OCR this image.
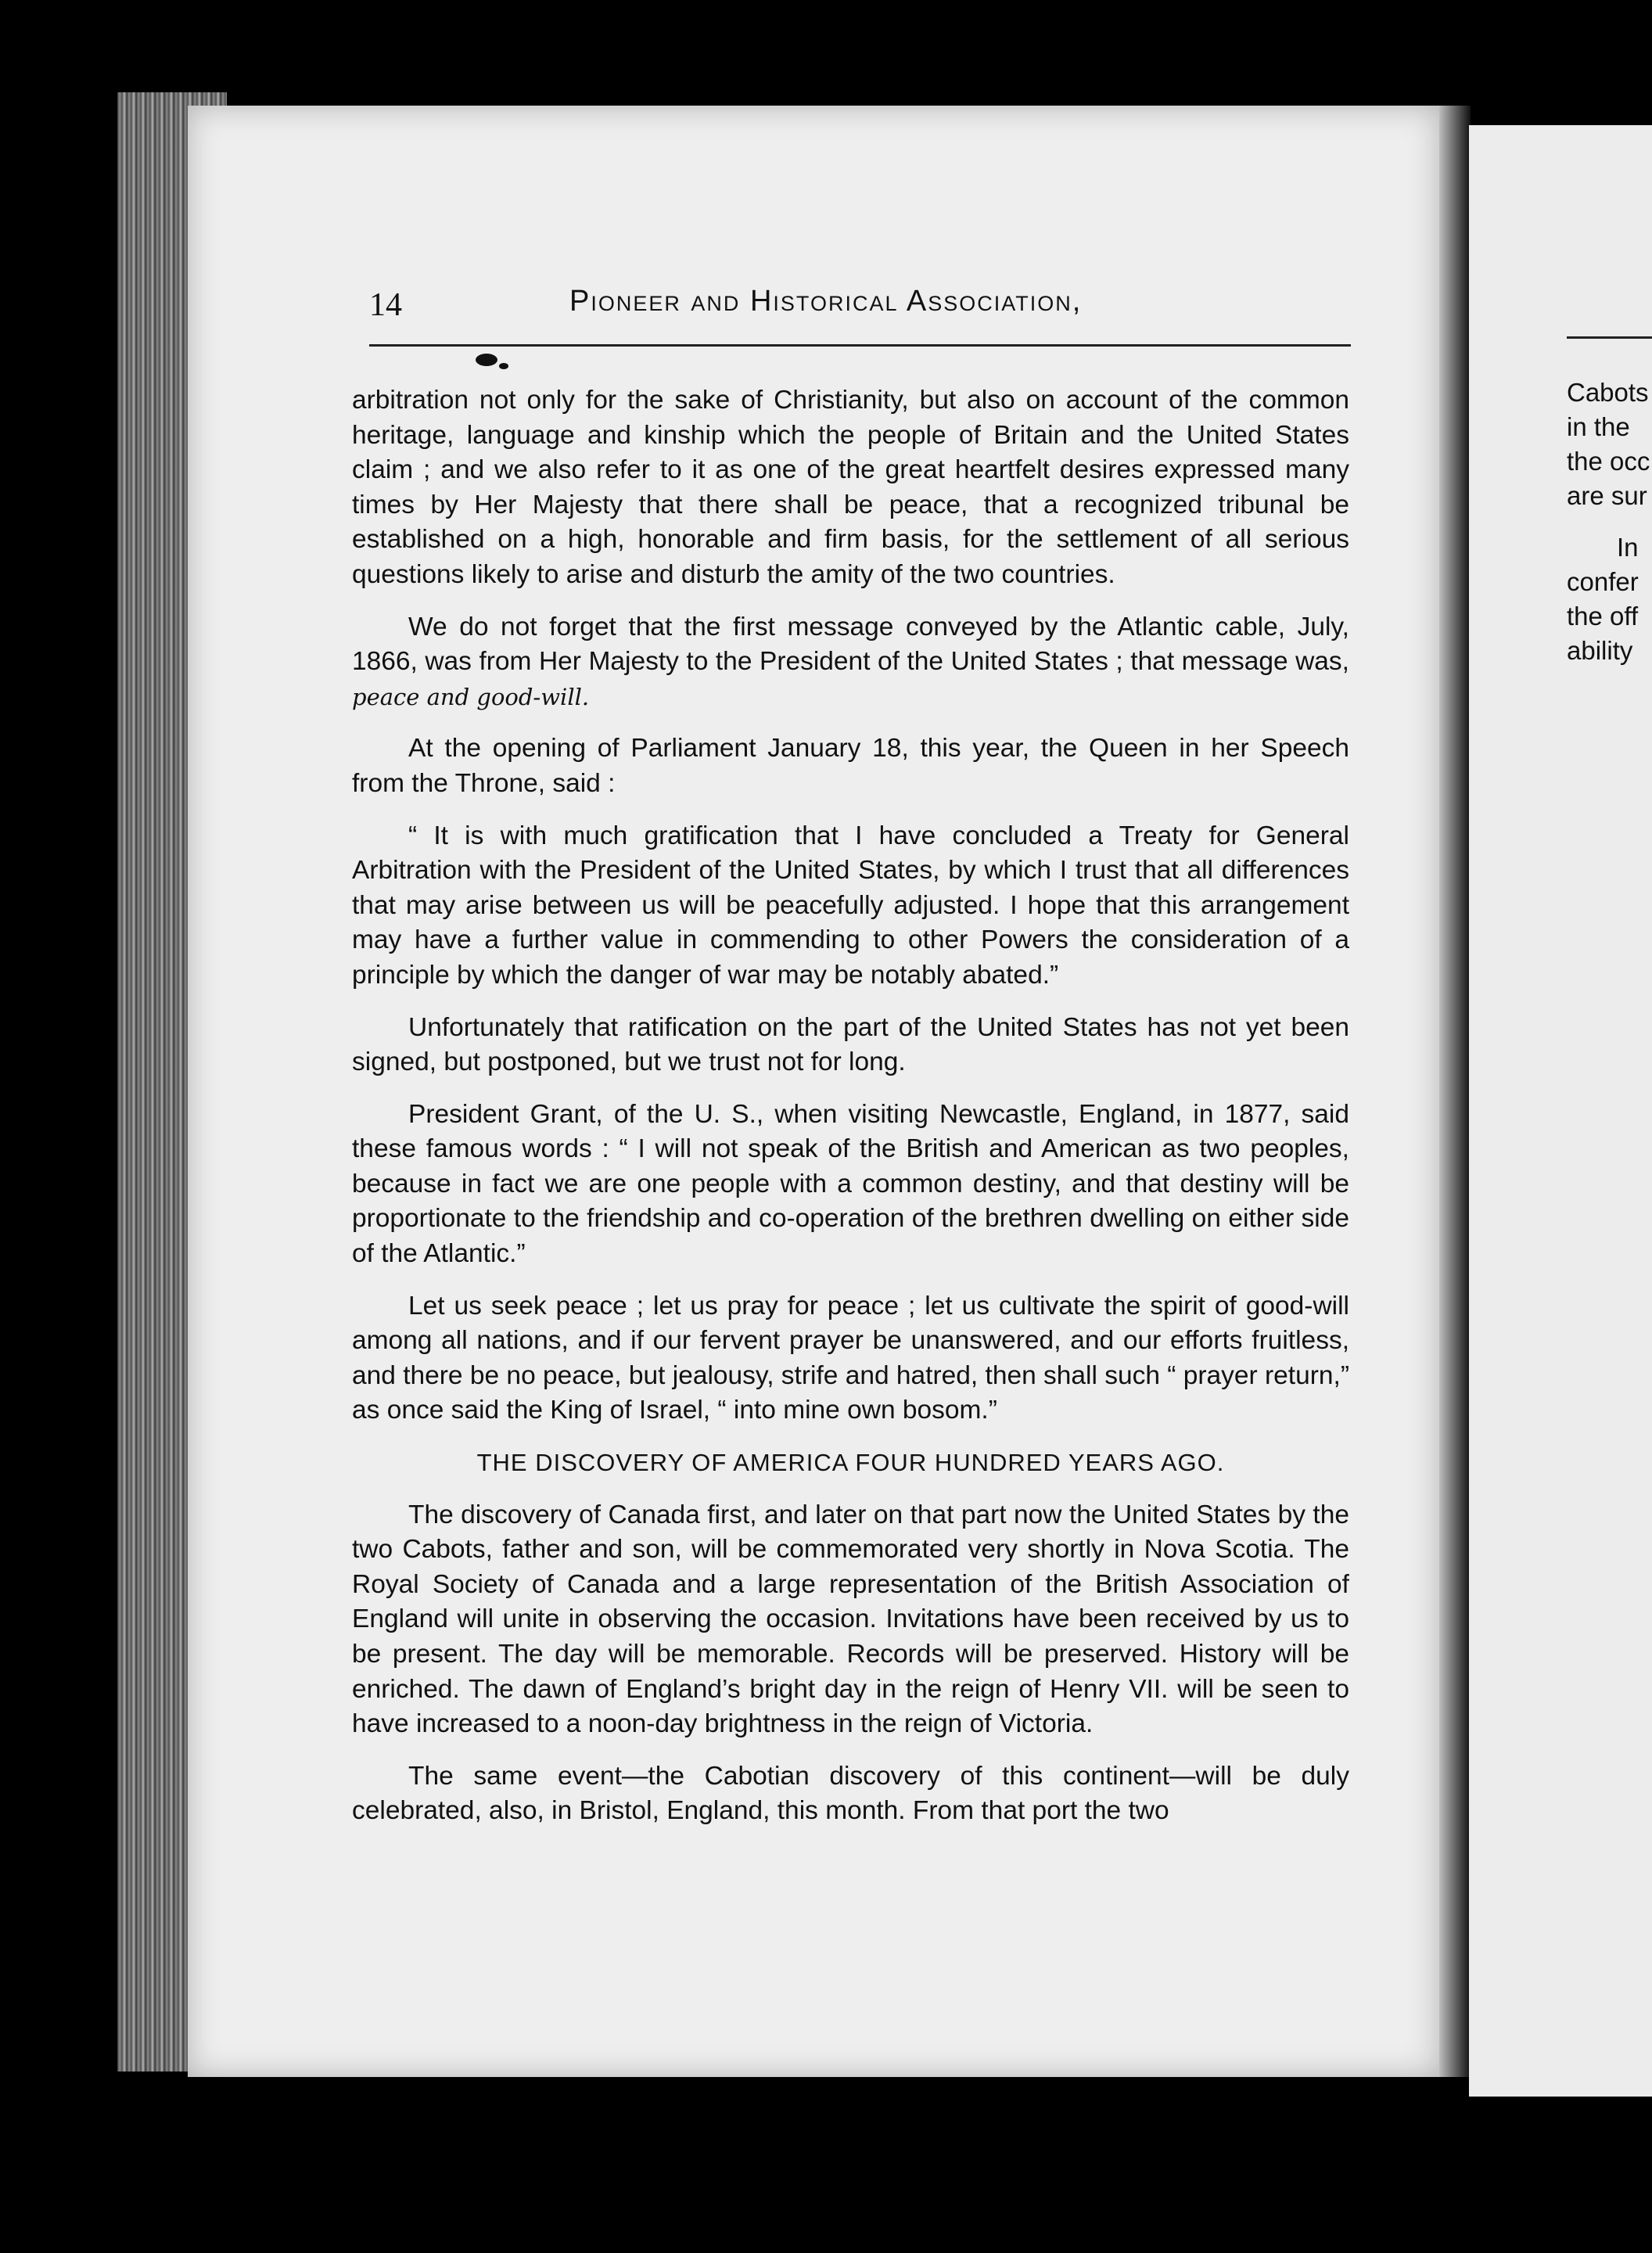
14	Pioneer and Historical Association,

arbitration not only for the sake of Christianity, but also on account of the common heritage, language and kinship which the people of Britain and the United States claim ; and we also refer to it as one of the great heartfelt desires expressed many times by Her Majesty that there shall be peace, that a recognized tribunal be established on a high, honorable and firm basis, for the settlement of all serious questions likely to arise and disturb the amity of the two countries.

We do not forget that the first message conveyed by the Atlantic cable, July, 1866, was from Her Majesty to the President of the United States ; that message was, peace and good-will.

At the opening of Parliament January 18, this year, the Queen in her Speech from the Throne, said :

“ It is with much gratification that I have concluded a Treaty for General Arbitration with the President of the United States, by which I trust that all differences that may arise between us will be peacefully adjusted. I hope that this arrangement may have a further value in commending to other Powers the consideration of a principle by which the danger of war may be notably abated.”

Unfortunately that ratification on the part of the United States has not yet been signed, but postponed, but we trust not for long.

President Grant, of the U. S., when visiting Newcastle, England, in 1877, said these famous words : “ I will not speak of the British and American as two peoples, because in fact we are one people with a common destiny, and that destiny will be proportionate to the friendship and co-operation of the brethren dwelling on either side of the Atlantic.”

Let us seek peace ; let us pray for peace ; let us cultivate the spirit of good-will among all nations, and if our fervent prayer be unanswered, and our efforts fruitless, and there be no peace, but jealousy, strife and hatred, then shall such “ prayer return,” as once said the King of Israel, “ into mine own bosom.”

THE DISCOVERY OF AMERICA FOUR HUNDRED YEARS AGO.

The discovery of Canada first, and later on that part now the United States by the two Cabots, father and son, will be commemorated very shortly in Nova Scotia. The Royal Society of Canada and a large representation of the British Association of England will unite in observing the occasion. Invitations have been received by us to be present. The day will be memorable. Records will be preserved. History will be enriched. The dawn of England’s bright day in the reign of Henry VII. will be seen to have increased to a noon-day brightness in the reign of Victoria.

The same event—the Cabotian discovery of this continent—will be duly celebrated, also, in Bristol, England, this month. From that port the two

Cabots
in the
the occ
are sur
In
confer
the off
ability
